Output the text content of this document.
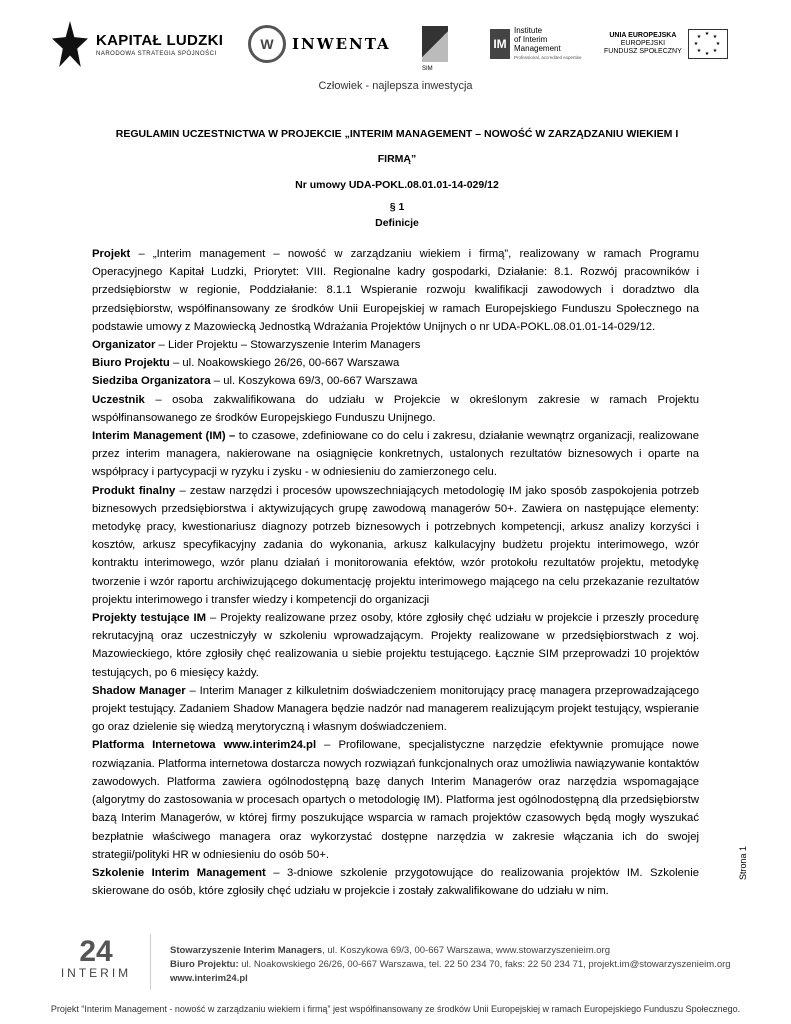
KAPITAŁ LUDZKI
NARODOWA STRATEGIA SPÓJNOŚCI
W	INWENTA
SIM
IM
Institute
of Interim
Management
Professional, accredited expertise
UNIA EUROPEJSKA
EUROPEJSKI
FUNDUSZ SPOŁECZNY
★ ★
★
★
★
★
★
★
Człowiek - najlepsza inwestycja
REGULAMIN UCZESTNICTWA W PROJEKCIE „INTERIM MANAGEMENT – NOWOŚĆ W ZARZĄDZANIU WIEKIEM I
FIRMĄ”
Nr umowy UDA-POKL.08.01.01-14-029/12
§ 1
Definicje

Projekt – „Interim management – nowość w zarządzaniu wiekiem i firmą”, realizowany w ramach Programu Operacyjnego Kapitał Ludzki, Priorytet: VIII. Regionalne kadry gospodarki, Działanie: 8.1. Rozwój pracowników i przedsiębiorstw w regionie, Poddziałanie: 8.1.1 Wspieranie rozwoju kwalifikacji zawodowych i doradztwo dla przedsiębiorstw, współfinansowany ze środków Unii Europejskiej w ramach Europejskiego Funduszu Społecznego na podstawie umowy z Mazowiecką Jednostką Wdrażania Projektów Unijnych o nr UDA-POKL.08.01.01-14-029/12.

Organizator – Lider Projektu – Stowarzyszenie Interim Managers

Biuro Projektu – ul. Noakowskiego 26/26, 00-667 Warszawa

Siedziba Organizatora – ul. Koszykowa 69/3, 00-667 Warszawa

Uczestnik – osoba zakwalifikowana do udziału w Projekcie w określonym zakresie w ramach Projektu współfinansowanego ze środków Europejskiego Funduszu Unijnego.

Interim Management (IM) – to czasowe, zdefiniowane co do celu i zakresu, działanie wewnątrz organizacji, realizowane przez interim managera, nakierowane na osiągnięcie konkretnych, ustalonych rezultatów biznesowych i oparte na współpracy i partycypacji w ryzyku i zysku - w odniesieniu do zamierzonego celu.

Produkt finalny – zestaw narzędzi i procesów upowszechniających metodologię IM jako sposób zaspokojenia potrzeb biznesowych przedsiębiorstwa i aktywizujących grupę zawodową managerów 50+. Zawiera on następujące elementy: metodykę pracy, kwestionariusz diagnozy potrzeb biznesowych i potrzebnych kompetencji, arkusz analizy korzyści i kosztów, arkusz specyfikacyjny zadania do wykonania, arkusz kalkulacyjny budżetu projektu interimowego, wzór kontraktu interimowego, wzór planu działań i monitorowania efektów, wzór protokołu rezultatów projektu, metodykę tworzenie i wzór raportu archiwizującego dokumentację projektu interimowego mającego na celu przekazanie rezultatów projektu interimowego i transfer wiedzy i kompetencji do organizacji

Projekty testujące IM – Projekty realizowane przez osoby, które zgłosiły chęć udziału w projekcie i przeszły procedurę rekrutacyjną oraz uczestniczyły w szkoleniu wprowadzającym. Projekty realizowane w przedsiębiorstwach z woj. Mazowieckiego, które zgłosiły chęć realizowania u siebie projektu testującego. Łącznie SIM przeprowadzi 10 projektów testujących, po 6 miesięcy każdy.

Shadow Manager – Interim Manager z kilkuletnim doświadczeniem monitorujący pracę managera przeprowadzającego projekt testujący. Zadaniem Shadow Managera będzie nadzór nad managerem realizującym projekt testujący, wspieranie go oraz dzielenie się wiedzą merytoryczną i własnym doświadczeniem.

Platforma Internetowa www.interim24.pl – Profilowane, specjalistyczne narzędzie efektywnie promujące nowe rozwiązania. Platforma internetowa dostarcza nowych rozwiązań funkcjonalnych oraz umożliwia nawiązywanie kontaktów zawodowych. Platforma zawiera ogólnodostępną bazę danych Interim Managerów oraz narzędzia wspomagające (algorytmy do zastosowania w procesach opartych o metodologię IM). Platforma jest ogólnodostępną dla przedsiębiorstw bazą Interim Managerów, w której firmy poszukujące wsparcia w ramach projektów czasowych będą mogły wyszukać bezpłatnie właściwego managera oraz wykorzystać dostępne narzędzia w zakresie włączania ich do swojej strategii/polityki HR w odniesieniu do osób 50+.

Szkolenie Interim Management – 3-dniowe szkolenie przygotowujące do realizowania projektów IM. Szkolenie skierowane do osób, które zgłosiły chęć udziału w projekcie i zostały zakwalifikowane do udziału w nim.

Strona 1
24
INTERIM
Stowarzyszenie Interim Managers, ul. Koszykowa 69/3, 00-667 Warszawa, www.stowarzyszenieim.org
Biuro Projektu: ul. Noakowskiego 26/26, 00-667 Warszawa, tel. 22 50 234 70, faks: 22 50 234 71, projekt.im@stowarzyszenieim.org
www.interim24.pl
Projekt “Interim Management - nowość w zarządzaniu wiekiem i firmą” jest współfinansowany ze środków Unii Europejskiej w ramach Europejskiego Funduszu Społecznego.
